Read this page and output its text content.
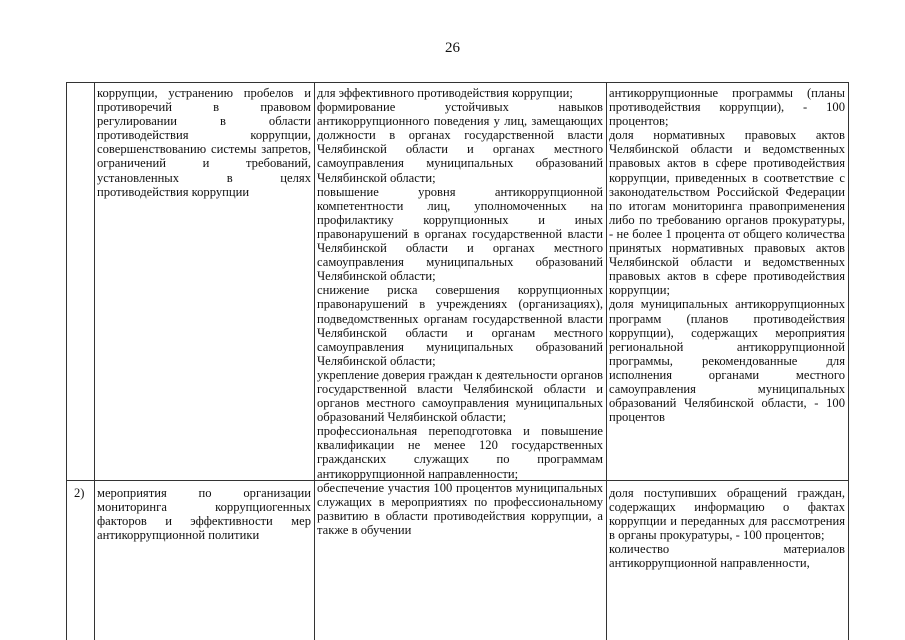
26

коррупции, устранению пробелов и противоречий в правовом регулировании в области противодействия коррупции, совершенствованию системы запретов, ограничений и требований, установленных в целях противодействия коррупции

для эффективного противодействия коррупции;

формирование устойчивых навыков антикоррупционного поведения у лиц, замещающих должности в органах государственной власти Челябинской области и органах местного самоуправления муниципальных образований Челябинской области;

повышение уровня антикоррупционной компетентности лиц, уполномоченных на профилактику коррупционных и иных правонарушений в органах государственной власти Челябинской области и органах местного самоуправления муниципальных образований Челябинской области;

снижение риска совершения коррупционных правонарушений в учреждениях (организациях), подведомственных органам государственной власти Челябинской области и органам местного самоуправления муниципальных образований Челябинской области;

укрепление доверия граждан к деятельности органов государственной власти Челябинской области и органов местного самоуправления муниципальных образований Челябинской области;

профессиональная переподготовка и повышение квалификации не менее 120 государственных гражданских служащих по программам антикоррупционной направленности;

обеспечение участия 100 процентов муниципальных служащих в мероприятиях по профессиональному развитию в области противодействия коррупции, а также в обучении

антикоррупционные программы (планы противодействия коррупции), - 100 процентов;

доля нормативных правовых актов Челябинской области и ведомственных правовых актов в сфере противодействия коррупции, приведенных в соответствие с законодательством Российской Федерации по итогам мониторинга правоприменения либо по требованию органов прокуратуры, - не более 1 процента от общего количества принятых нормативных правовых актов Челябинской области и ведомственных правовых актов в сфере противодействия коррупции;

доля муниципальных антикоррупционных программ (планов противодействия коррупции), содержащих мероприятия региональной антикоррупционной программы, рекомендованные для исполнения органами местного самоуправления муниципальных образований Челябинской области, - 100 процентов

2) мероприятия по организации мониторинга коррупциогенных факторов и эффективности мер антикоррупционной политики

доля поступивших обращений граждан, содержащих информацию о фактах коррупции и переданных для рассмотрения в органы прокуратуры, - 100 процентов;

количество материалов антикоррупционной направленности,
